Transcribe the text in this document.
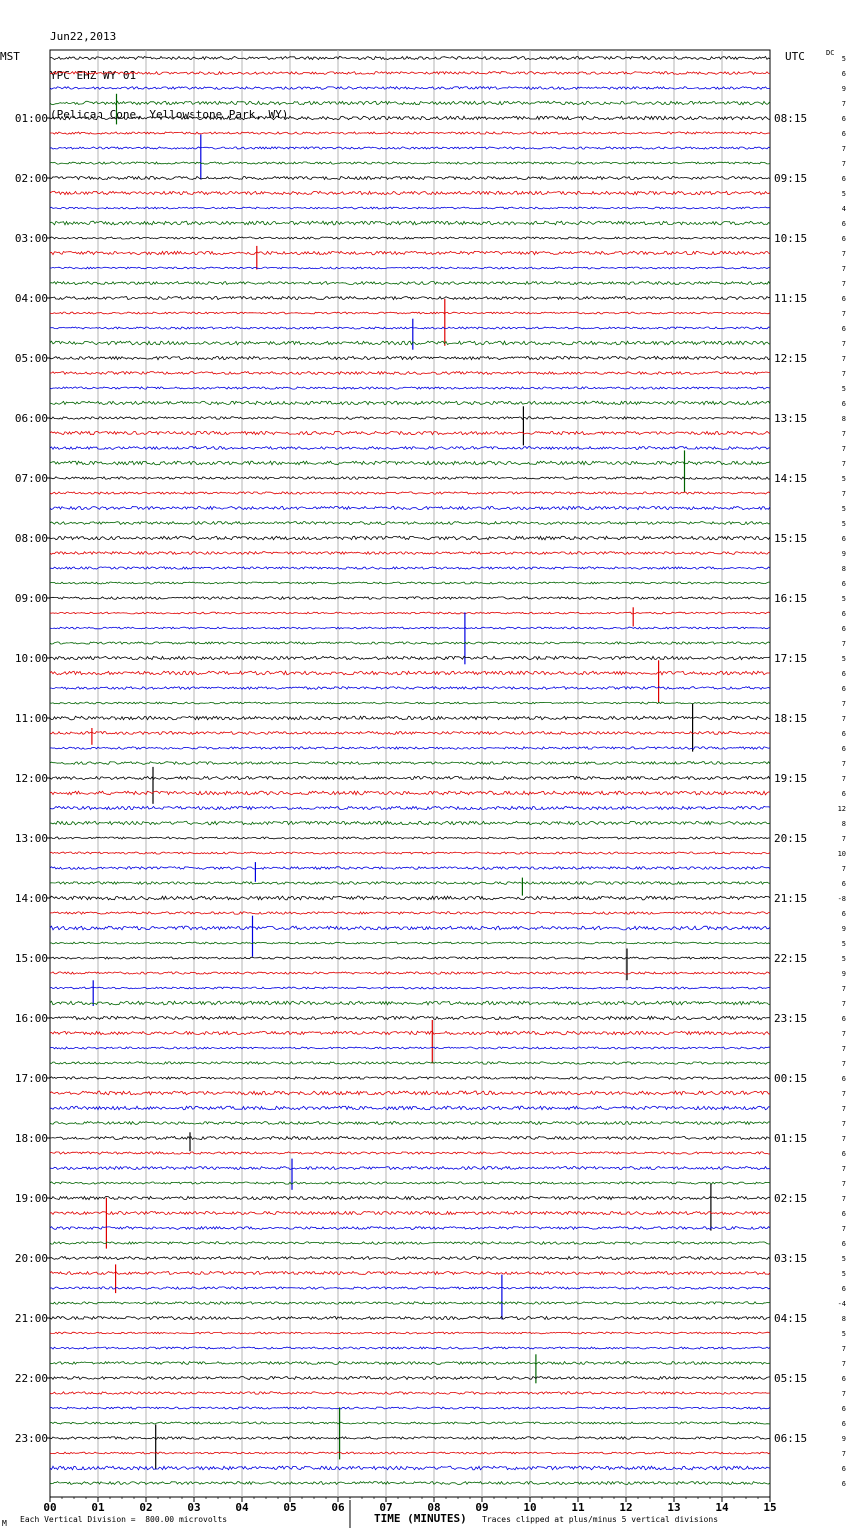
Jun22,2013

YPC EHZ WY 01

(Pelican Cone, Yellowstone Park, WY)

MST	UTC	DC
5
6
9
7
6
6
7
7
6
5
4
6
6
7
7
7
6
7
6
7
7
7
5
6
8
7
7
7
5
7
5
5
6
9
8
6
5
6
6
7
5
6
6
7
7
6
6
7
7
6
12
8
7
10
7
6
-8
6
9
5
5
9
7
7
6
7
7
7
6
7
7
7
7
6
7
7
7
6
7
6
5
5
6
-4
8
5
7
7
6
7
6
6
9
7
6
6
01:00
02:00
03:00
04:00
05:00
06:00
07:00
08:00
09:00
10:00
11:00
12:00
13:00
14:00
15:00
16:00
17:00
18:00
19:00
20:00
21:00
22:00
23:00
08:15
09:15
10:15
11:15
12:15
13:15
14:15
15:15
16:15
17:15
18:15
19:15
20:15
21:15
22:15
23:15
00:15
01:15
02:15
03:15
04:15
05:15
06:15
00	01	02	03	04	05	06	07	08	09	10	11	12	13	14	15
M Each Vertical Division =  800.00 microvolts	TIME (MINUTES) Traces clipped at plus/minus 5 vertical divisions
